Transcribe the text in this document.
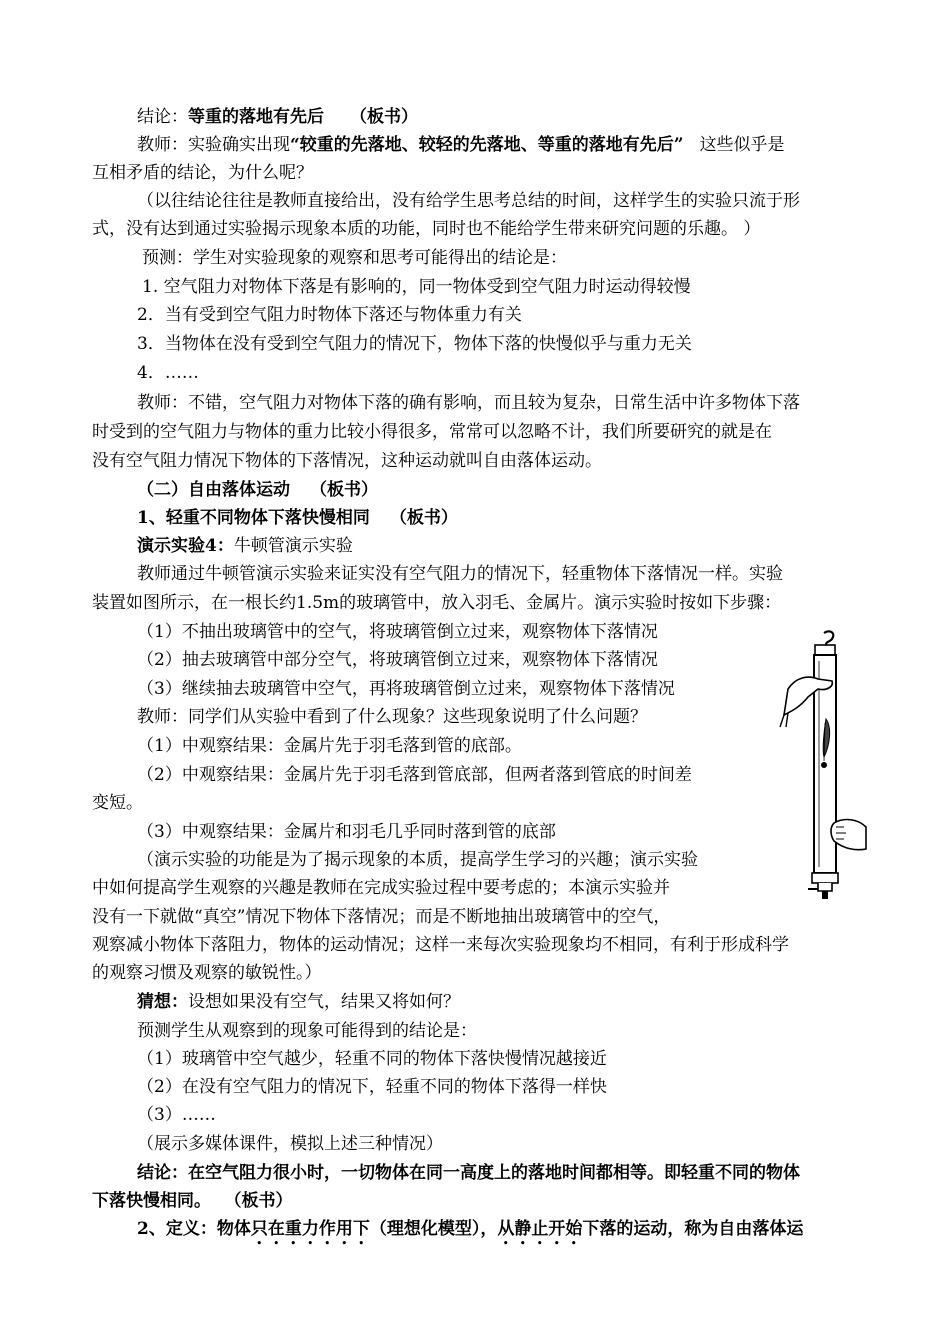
结论：等重的落地有先后 （板书）
教师：实验确实出现“较重的先落地、较轻的先落地、等重的落地有先后” 这些似乎是
互相矛盾的结论，为什么呢？
（以往结论往往是教师直接给出，没有给学生思考总结的时间，这样学生的实验只流于形
式，没有达到通过实验揭示现象本质的功能，同时也不能给学生带来研究问题的乐趣。 ）
预测：学生对实验现象的观察和思考可能得出的结论是：
1. 空气阻力对物体下落是有影响的，同一物体受到空气阻力时运动得较慢
2．当有受到空气阻力时物体下落还与物体重力有关
3．当物体在没有受到空气阻力的情况下，物体下落的快慢似乎与重力无关
4．……
教师：不错，空气阻力对物体下落的确有影响，而且较为复杂，日常生活中许多物体下落
时受到的空气阻力与物体的重力比较小得很多，常常可以忽略不计，我们所要研究的就是在
没有空气阻力情况下物体的下落情况，这种运动就叫自由落体运动。
（二）自由落体运动 （板书）
1、轻重不同物体下落快慢相同 （板书）
演示实验4：牛顿管演示实验
教师通过牛顿管演示实验来证实没有空气阻力的情况下，轻重物体下落情况一样。实验
装置如图所示，在一根长约1.5m的玻璃管中，放入羽毛、金属片。演示实验时按如下步骤：
（1）不抽出玻璃管中的空气，将玻璃管倒立过来，观察物体下落情况
（2）抽去玻璃管中部分空气，将玻璃管倒立过来，观察物体下落情况
（3）继续抽去玻璃管中空气，再将玻璃管倒立过来，观察物体下落情况
教师：同学们从实验中看到了什么现象？这些现象说明了什么问题？
（1）中观察结果：金属片先于羽毛落到管的底部。
（2）中观察结果：金属片先于羽毛落到管底部，但两者落到管底的时间差
变短。
（3）中观察结果：金属片和羽毛几乎同时落到管的底部
（演示实验的功能是为了揭示现象的本质，提高学生学习的兴趣；演示实验
中如何提高学生观察的兴趣是教师在完成实验过程中要考虑的；本演示实验并
没有一下就做“真空”情况下物体下落情况；而是不断地抽出玻璃管中的空气，
观察减小物体下落阻力，物体的运动情况；这样一来每次实验现象均不相同，有利于形成科学
的观察习惯及观察的敏锐性。）
猜想：设想如果没有空气，结果又将如何？
预测学生从观察到的现象可能得到的结论是：
（1）玻璃管中空气越少，轻重不同的物体下落快慢情况越接近
（2）在没有空气阻力的情况下，轻重不同的物体下落得一样快
（3）……
（展示多媒体课件，模拟上述三种情况）
结论：在空气阻力很小时，一切物体在同一高度上的落地时间都相等。即轻重不同的物体
下落快慢相同。 （板书）
2、定义：物体只在重力作用下（理想化模型），从静止开始下落的运动，称为自由落体运
